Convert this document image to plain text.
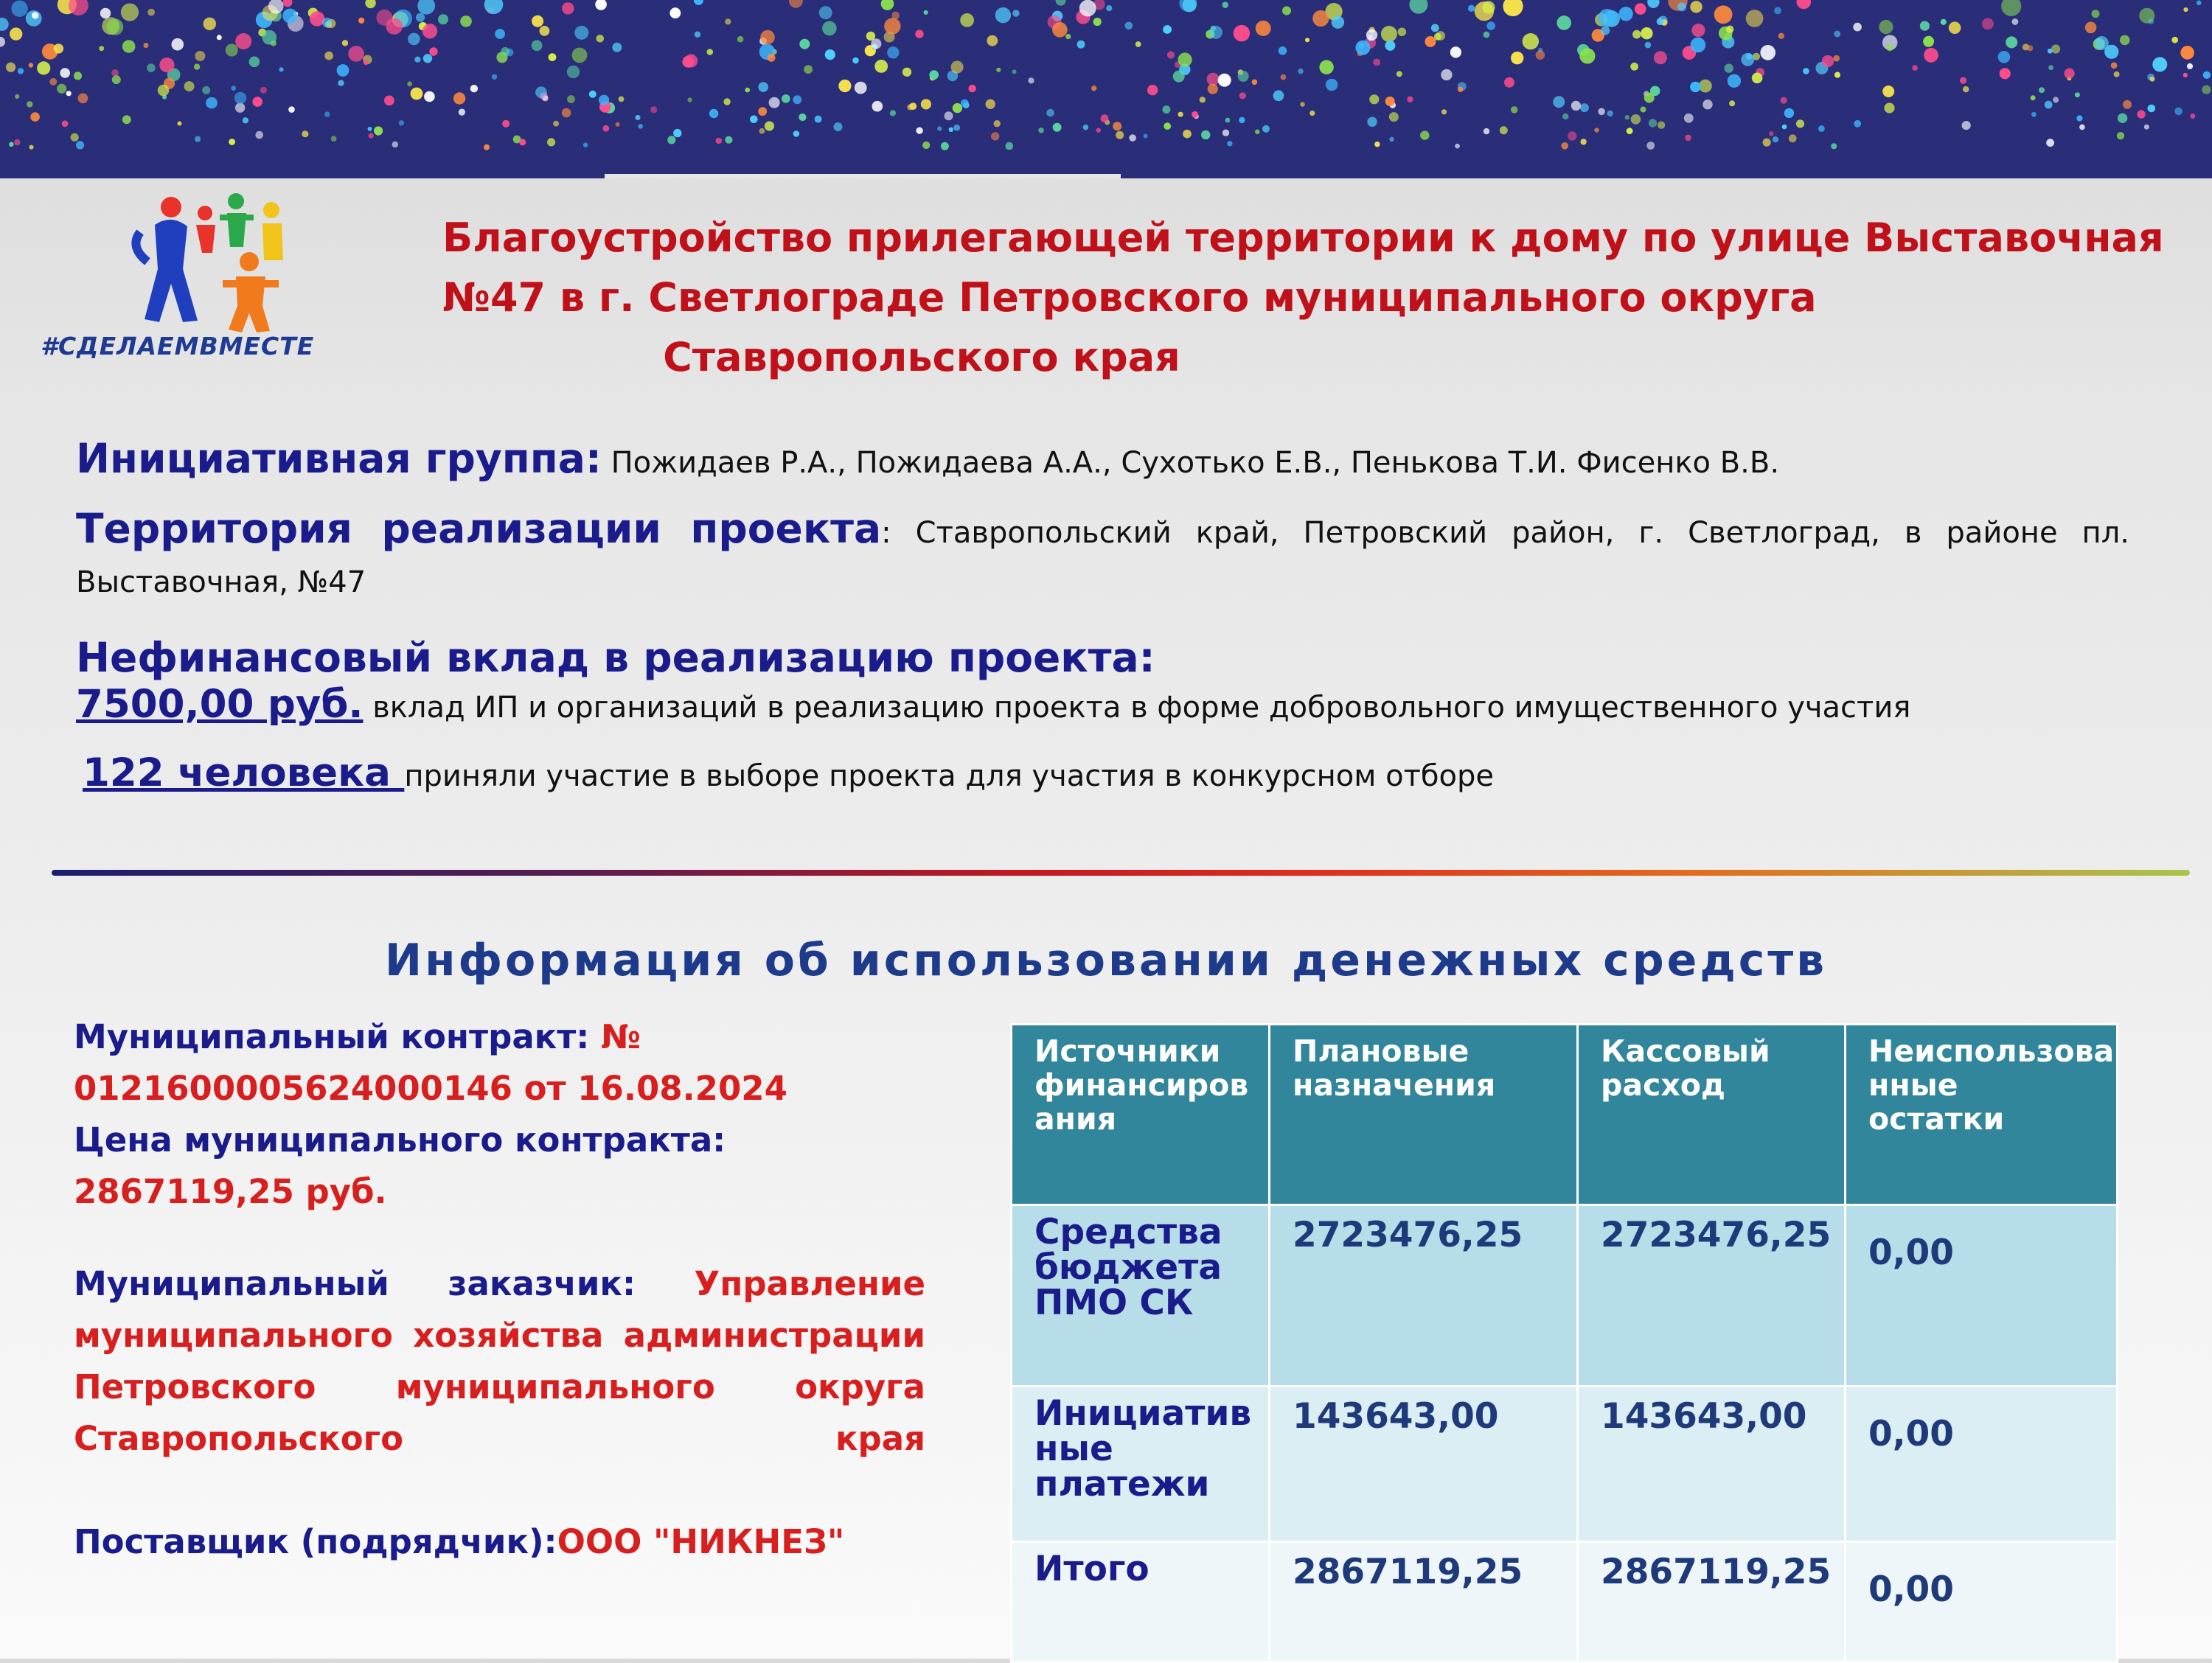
#СДЕЛАЕМВМЕСТЕ
Благоустройство прилегающей территории к дому по улице Выставочная
№47 в г. Светлограде Петровского муниципального округа
Ставропольского края
Инициативная группа: Пожидаев Р.А., Пожидаева А.А., Сухотько Е.В., Пенькова Т.И. Фисенко В.В.
Территория реализации проекта: Ставропольский край, Петровский район, г. Светлоград, в районе пл. Выставочная, №47
Нефинансовый вклад в реализацию проекта:
7500,00 руб. вклад ИП и организаций в реализацию проекта в форме добровольного имущественного участия
122 человека приняли участие в выборе проекта для участия в конкурсном отборе
Информация об использовании денежных средств
Муниципальный контракт: № 0121600005624000146 от 16.08.2024
Цена муниципального контракта:
2867119,25 руб.
Муниципальный заказчик: Управление муниципального хозяйства администрации Петровского муниципального округа Ставропольского края
Поставщик (подрядчик):ООО "НИКНЕЗ"
Источники финансиров ания	Плановые назначения	Кассовый расход	Неиспользова нные остатки
Средства бюджета ПМО СК	2723476,25	2723476,25	0,00
Инициатив ные платежи	143643,00	143643,00	0,00
Итого	2867119,25	2867119,25	0,00
